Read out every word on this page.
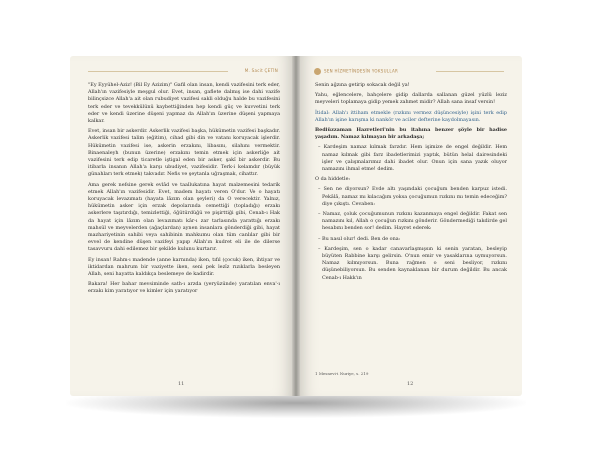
M. Sacit ÇETİN

"Ey Eyyühel-Aziz! (Bil Ey Azizim)" Gafil olan insan, kendi vazifesini terk eder, Allah'ın vazifesiyle meşgul olur. Evet, insan, gaflete dalmış ise dahi vazife bilinçsizce Allah'a ait olan rubudiyet vazifesi sakli olduğu halde bu vazifesini terk eder ve tevekkülünü kaybettiğinden hep kendi güç ve kuvvetini terk eder ve kendi üzerine düşeni yapmaz da Allah'ın üzerine düşeni yapmaya kalkar.

Evet, insan bir askerdir. Askerlik vazifesi başka, hükümetin vazifesi başkadır. Askerlik vazifesi talim (eğitim), cihad gibi din ve vatanı koruyacak işlerdir. Hükümetin vazifesi ise, askerin erzakını, libasını, silahını vermektir. Binaenaleyh (bunun üzerine) erzakını temin etmek için askerliğe ait vazifesini terk edip ticaretle iştigal eden bir asker, şakî bir askerdir. Bu itibarla insanın Allah'a karşı ubudiyet, vazifesidir. Terk-i kelamdır (büyük günahları terk etmek) takvadır. Nefis ve şeytanla uğraşmak, cihattır.

Ama gerek nefsine gerek evlâd ve taallukatına hayat malzemesini tedarik etmek Allah'ın vazifesidir. Evet, madem hayatı veren O'dur. Ve o hayatı koruyacak levazımatı (hayata lâzım olan şeyleri) da O verecektir. Yalnız, hükümetin asker için erzak depolarında cemettiği (topladığı) erzakı askerlere taşıtırdığı, temizlettiği, öğütürdüğü ve pişirttiği gibi, Cenab-ı Hak da hayat için lâzım olan levazımatı kâr-ı zar tarlasında yarattığı erzakı mahsül ve meyvelerden (ağaçlardan) aynen insanlara gönderdiği gibi, hayat mazhariyetinin sahibi veya sahibinin mahkumu olan tüm canlılar gibi bir evvel de kendine düşen vazifeyi yapıp Allah'ın kudret eli ile de dilerse tasavvuru dahi edilemez bir şekilde kulunu kurtarır.

Ey insan! Rahm-ı madende (anne karnında) iken, tıfıl (çocuk) iken, ihtiyar ve iktidardan mahrum bir vaziyette iken, seni pek lezîz rızıklarla besleyen Allah, seni hayatta kaldıkça beslemeye de kadirdir.

Bakara! Her bahar mevsiminde sath-ı arzda (yeryüzünde) yaratılan enva'-ı erzakı kim yaratıyor ve kimler için yaratıyor

11
SEN HİZMETİNDESİN YOKSULLAR

Senin ağzına getirip sokacak değil ya!

Yahu, eğlencelere, bahçelere gidip dallarda sallanan güzel yüzlü leziz meyveleri toplamaya gidip yemek zahmet midir? Allah sana insaf versin!

İtidal: Allah'ı ittiham etmekle (rızkını vermez düşüncesiyle) işini terk edip Allah'ın işine karışma ki nankör ve aciler defterine kaydolmayasın.

Bediüzzaman Hazretleri'nin bu itahına benzer şöyle bir hadise yaşadım. Namaz kılmayan bir arkadaşa;

– Kardeşim namaz kılmak farzdır. Hem işimize de engel değildir. Hem namaz kılmak gibi farz ibadetlerimizi yaptık, bütün helal dairesindeki işler ve çalışmalarımız dahi ibadet olur. Onun için sana yazık oluyor namazını ihmal etme! dedim.

O da hiddetle:

– Sen ne diyorsun? Evde altı yaşındaki çocuğum benden karpuz istedi. Pekâlâ, namaz mı kılacağım yoksa çocuğumun rızkını mı temin edeceğim? diye çıkıştı. Cevaben:

– Namaz, çoluk çocuğumunun rızkını kazanmaya engel değildir. Fakat sen namazını kıl, Allah o çocuğun rızkını gönderir. Göndermediği takdirde gel hesabını benden sor! dedim. Hayret ederek:

– Bu nasıl olur! dedi. Ben de ona:

– Kardeşim, sen o kadar canavarlaşmışsın ki senin yaratan, besleyip büyüten Rabbine karşı gelirsin. O'nun emir ve yasaklarına uymuyorsun. Namaz kılmıyorsun. Buna rağmen o seni besliyor, rızkını düşünebiliyorsun. Bu senden kaynaklanan bir durum değildir. Bu ancak Cenab-ı Hakk'ın

1 Mesnevi-i Nuriye, s. 219
12
